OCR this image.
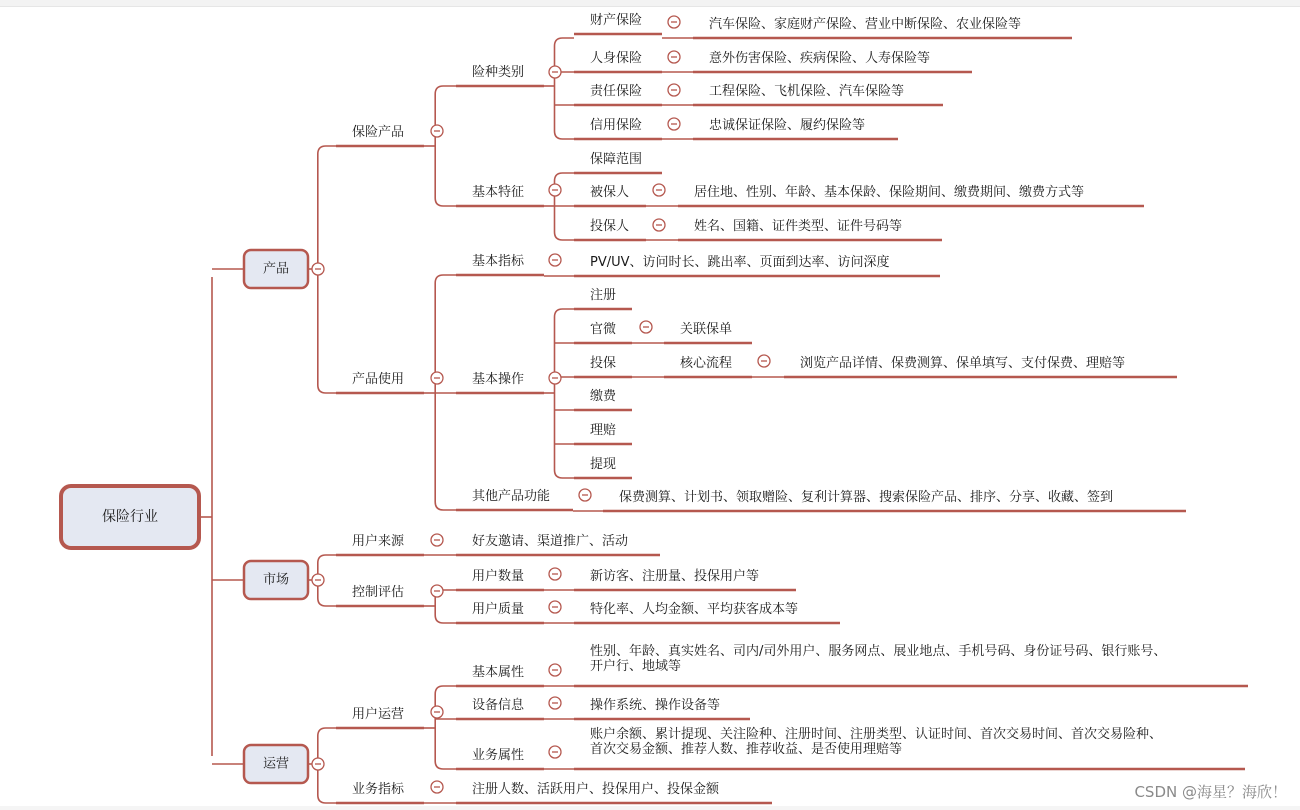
保险行业
产品
市场
运营
保险产品
险种类别
财产保险	汽车保险、家庭财产保险、营业中断保险、农业保险等
人身保险	意外伤害保险、疾病保险、人寿保险等
责任保险	工程保险、飞机保险、汽车保险等
信用保险	忠诚保证保险、履约保险等
基本特征
保障范围
被保人	居住地、性别、年龄、基本保龄、保险期间、缴费期间、缴费方式等
投保人	姓名、国籍、证件类型、证件号码等
产品使用
基本指标	PV/UV、访问时长、跳出率、页面到达率、访问深度
基本操作
注册
官微	关联保单
投保	核心流程	浏览产品详情、保费测算、保单填写、支付保费、理赔等
缴费
理赔
提现
其他产品功能	保费测算、计划书、领取赠险、复利计算器、搜索保险产品、排序、分享、收藏、签到
用户来源	好友邀请、渠道推广、活动
控制评估
用户数量	新访客、注册量、投保用户等
用户质量	特化率、人均金额、平均获客成本等
用户运营
基本属性
性别、年龄、真实姓名、司内/司外用户、服务网点、展业地点、手机号码、身份证号码、银行账号、
设备信息	操作系统、操作设备等
业务属性
账户余额、累计提现、关注险种、注册时间、注册类型、认证时间、首次交易时间、首次交易险种、
业务指标	注册人数、活跃用户、投保用户、投保金额
开户行、地域等
首次交易金额、推荐人数、推荐收益、是否使用理赔等
CSDN @海星？海欣！
